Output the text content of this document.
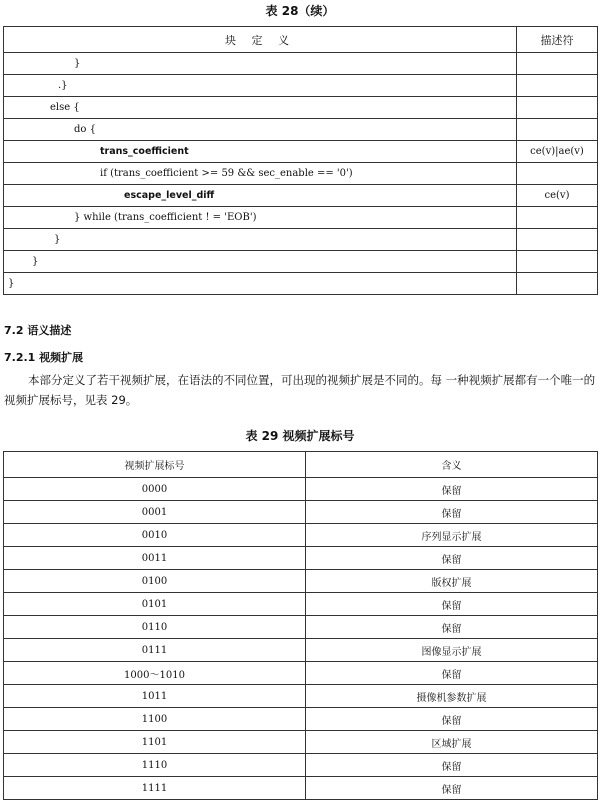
表 28（续）
块 定 义	描述符
}	
.}	
else {	
do {	
trans_coefficient	ce(v)|ae(v)
if (trans_coefficient >= 59 && sec_enable == '0')	
escape_level_diff	ce(v)
} while (trans_coefficient ! = 'EOB')	
}	
}	
}	
7.2 语义描述
7.2.1 视频扩展
本部分定义了若干视频扩展，在语法的不同位置，可出现的视频扩展是不同的。每 一种视频扩展都有一个唯一的视频扩展标号，见表 29。
表 29 视频扩展标号
视频扩展标号	含义
0000	保留
0001	保留
0010	序列显示扩展
0011	保留
0100	版权扩展
0101	保留
0110	保留
0111	图像显示扩展
1000～1010	保留
1011	摄像机参数扩展
1100	保留
1101	区域扩展
1110	保留
1111	保留
